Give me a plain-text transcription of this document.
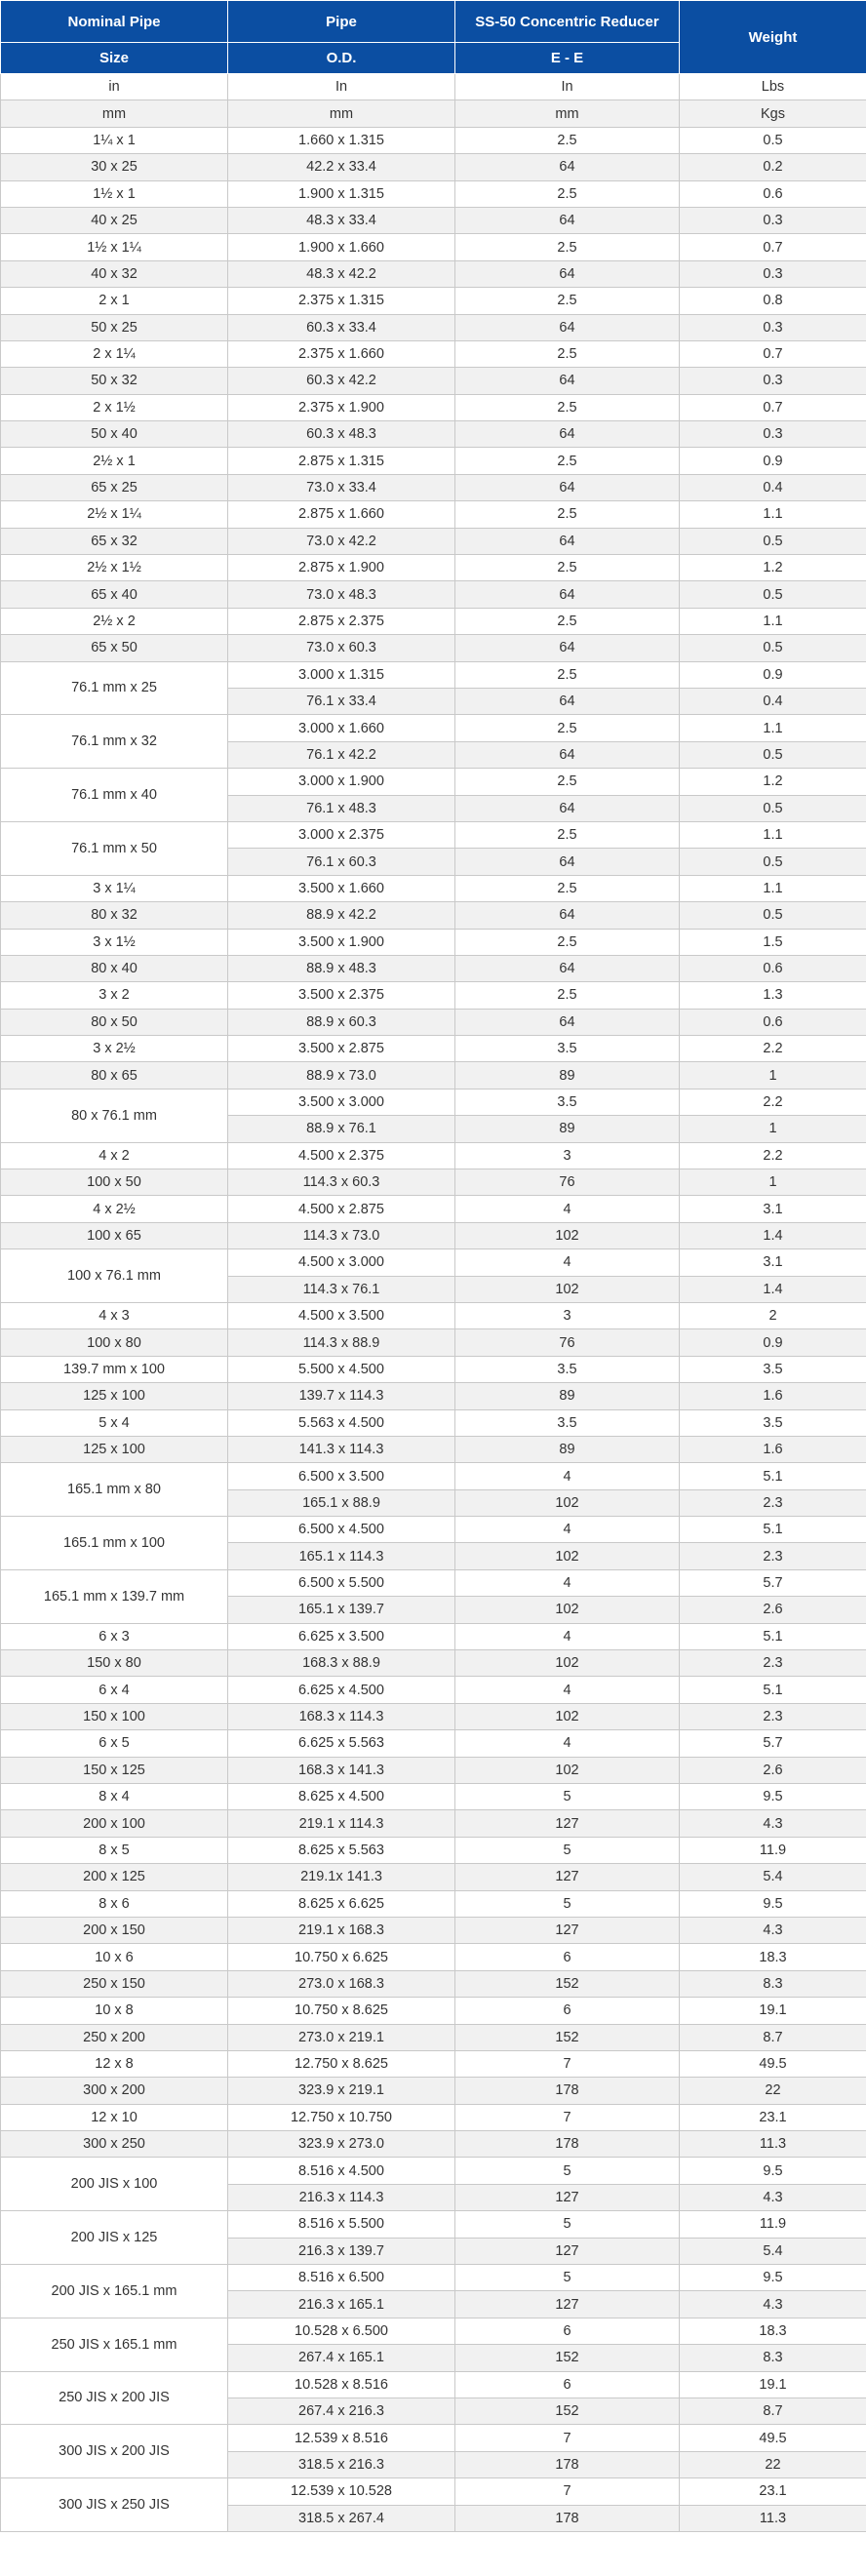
Nominal Pipe	Pipe	SS-50 Concentric Reducer	Weight
Size	O.D.	E - E	
in	In	In	Lbs
mm	mm	mm	Kgs
1¼ x 1	1.660 x 1.315	2.5	0.5
30 x 25	42.2 x 33.4	64	0.2
1½ x 1	1.900 x 1.315	2.5	0.6
40 x 25	48.3 x 33.4	64	0.3
1½ x 1¼	1.900 x 1.660	2.5	0.7
40 x 32	48.3 x 42.2	64	0.3
2 x 1	2.375 x 1.315	2.5	0.8
50 x 25	60.3 x 33.4	64	0.3
2 x 1¼	2.375 x 1.660	2.5	0.7
50 x 32	60.3 x 42.2	64	0.3
2 x 1½	2.375 x 1.900	2.5	0.7
50 x 40	60.3 x 48.3	64	0.3
2½ x 1	2.875 x 1.315	2.5	0.9
65 x 25	73.0 x 33.4	64	0.4
2½ x 1¼	2.875 x 1.660	2.5	1.1
65 x 32	73.0 x 42.2	64	0.5
2½ x 1½	2.875 x 1.900	2.5	1.2
65 x 40	73.0 x 48.3	64	0.5
2½ x 2	2.875 x 2.375	2.5	1.1
65 x 50	73.0 x 60.3	64	0.5
76.1 mm x 25	3.000 x 1.315	2.5	0.9
	76.1 x 33.4	64	0.4
76.1 mm x 32	3.000 x 1.660	2.5	1.1
	76.1 x 42.2	64	0.5
76.1 mm x 40	3.000 x 1.900	2.5	1.2
	76.1 x 48.3	64	0.5
76.1 mm x 50	3.000 x 2.375	2.5	1.1
	76.1 x 60.3	64	0.5
3 x 1¼	3.500 x 1.660	2.5	1.1
80 x 32	88.9 x 42.2	64	0.5
3 x 1½	3.500 x 1.900	2.5	1.5
80 x 40	88.9 x 48.3	64	0.6
3 x 2	3.500 x 2.375	2.5	1.3
80 x 50	88.9 x 60.3	64	0.6
3 x 2½	3.500 x 2.875	3.5	2.2
80 x 65	88.9 x 73.0	89	1
80 x 76.1 mm	3.500 x 3.000	3.5	2.2
	88.9 x 76.1	89	1
4 x 2	4.500 x 2.375	3	2.2
100 x 50	114.3 x 60.3	76	1
4 x 2½	4.500 x 2.875	4	3.1
100 x 65	114.3 x 73.0	102	1.4
100 x 76.1 mm	4.500 x 3.000	4	3.1
	114.3 x 76.1	102	1.4
4 x 3	4.500 x 3.500	3	2
100 x 80	114.3 x 88.9	76	0.9
139.7 mm x 100	5.500 x 4.500	3.5	3.5
125 x 100	139.7 x 114.3	89	1.6
5 x 4	5.563 x 4.500	3.5	3.5
125 x 100	141.3 x 114.3	89	1.6
165.1 mm x 80	6.500 x 3.500	4	5.1
	165.1 x 88.9	102	2.3
165.1 mm x 100	6.500 x 4.500	4	5.1
	165.1 x 114.3	102	2.3
165.1 mm x 139.7 mm	6.500 x 5.500	4	5.7
	165.1 x 139.7	102	2.6
6 x 3	6.625 x 3.500	4	5.1
150 x 80	168.3 x 88.9	102	2.3
6 x 4	6.625 x 4.500	4	5.1
150 x 100	168.3 x 114.3	102	2.3
6 x 5	6.625 x 5.563	4	5.7
150 x 125	168.3 x 141.3	102	2.6
8 x 4	8.625 x 4.500	5	9.5
200 x 100	219.1 x 114.3	127	4.3
8 x 5	8.625 x 5.563	5	11.9
200 x 125	219.1x 141.3	127	5.4
8 x 6	8.625 x 6.625	5	9.5
200 x 150	219.1 x 168.3	127	4.3
10 x 6	10.750 x 6.625	6	18.3
250 x 150	273.0 x 168.3	152	8.3
10 x 8	10.750 x 8.625	6	19.1
250 x 200	273.0 x 219.1	152	8.7
12 x 8	12.750 x 8.625	7	49.5
300 x 200	323.9 x 219.1	178	22
12 x 10	12.750 x 10.750	7	23.1
300 x 250	323.9 x 273.0	178	11.3
200 JIS x 100	8.516 x 4.500	5	9.5
	216.3 x 114.3	127	4.3
200 JIS x 125	8.516 x 5.500	5	11.9
	216.3 x 139.7	127	5.4
200 JIS x 165.1 mm	8.516 x 6.500	5	9.5
	216.3 x 165.1	127	4.3
250 JIS x 165.1 mm	10.528 x 6.500	6	18.3
	267.4 x 165.1	152	8.3
250 JIS x 200 JIS	10.528 x 8.516	6	19.1
	267.4 x 216.3	152	8.7
300 JIS x 200 JIS	12.539 x 8.516	7	49.5
	318.5 x 216.3	178	22
300 JIS x 250 JIS	12.539 x 10.528	7	23.1
	318.5 x 267.4	178	11.3
